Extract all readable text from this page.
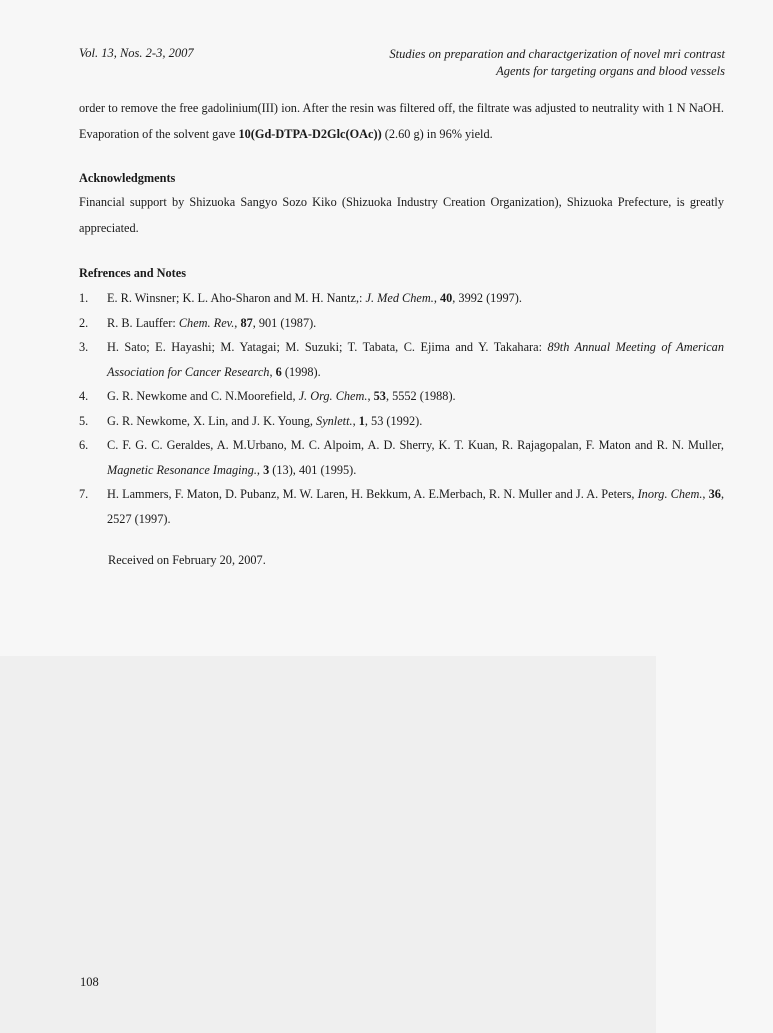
Vol. 13, Nos. 2-3, 2007	Studies on preparation and charactgerization of novel mri contrast
Agents for targeting organs and blood vessels
order to remove the free gadolinium(III) ion. After the resin was filtered off, the filtrate was adjusted to neutrality with 1 N NaOH. Evaporation of the solvent gave 10(Gd-DTPA-D2Glc(OAc)) (2.60 g) in 96% yield.
Acknowledgments
Financial support by Shizuoka Sangyo Sozo Kiko (Shizuoka Industry Creation Organization), Shizuoka Prefecture, is greatly appreciated.
Refrences and Notes
1.	E. R. Winsner; K. L. Aho-Sharon and M. H. Nantz,: J. Med Chem., 40, 3992 (1997).
2.	R. B. Lauffer: Chem. Rev., 87, 901 (1987).
3.	H. Sato; E. Hayashi; M. Yatagai; M. Suzuki; T. Tabata, C. Ejima and Y. Takahara: 89th Annual Meeting of American Association for Cancer Research, 6 (1998).
4.	G. R. Newkome and C. N.Moorefield, J. Org. Chem., 53, 5552 (1988).
5.	G. R. Newkome, X. Lin, and J. K. Young, Synlett., 1, 53 (1992).
6.	C. F. G. C. Geraldes, A. M.Urbano, M. C. Alpoim, A. D. Sherry, K. T. Kuan, R. Rajagopalan, F. Maton and R. N. Muller, Magnetic Resonance Imaging., 3 (13), 401 (1995).
7.	H. Lammers, F. Maton, D. Pubanz, M. W. Laren, H. Bekkum, A. E.Merbach, R. N. Muller and J. A. Peters, Inorg. Chem., 36, 2527 (1997).
Received on February 20, 2007.
108
